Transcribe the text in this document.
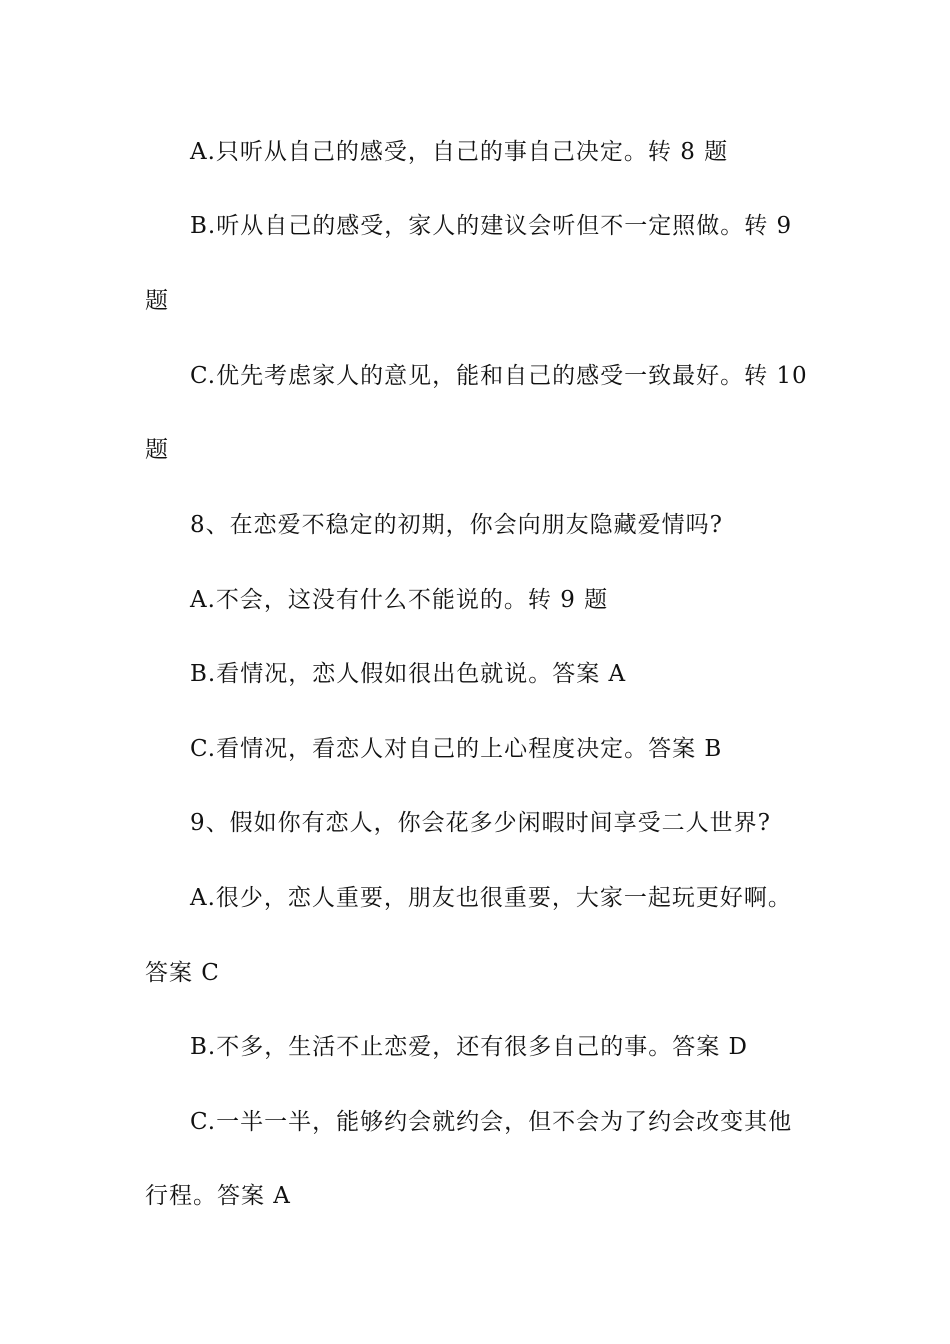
A.只听从自己的感受，自己的事自己决定。转 8 题
B.听从自己的感受，家人的建议会听但不一定照做。转 9
题
C.优先考虑家人的意见，能和自己的感受一致最好。转 10
题
8、在恋爱不稳定的初期，你会向朋友隐藏爱情吗?
A.不会，这没有什么不能说的。转 9 题
B.看情况，恋人假如很出色就说。答案 A
C.看情况，看恋人对自己的上心程度决定。答案 B
9、假如你有恋人，你会花多少闲暇时间享受二人世界?
A.很少，恋人重要，朋友也很重要，大家一起玩更好啊。
答案 C
B.不多，生活不止恋爱，还有很多自己的事。答案 D
C.一半一半，能够约会就约会，但不会为了约会改变其他
行程。答案 A
